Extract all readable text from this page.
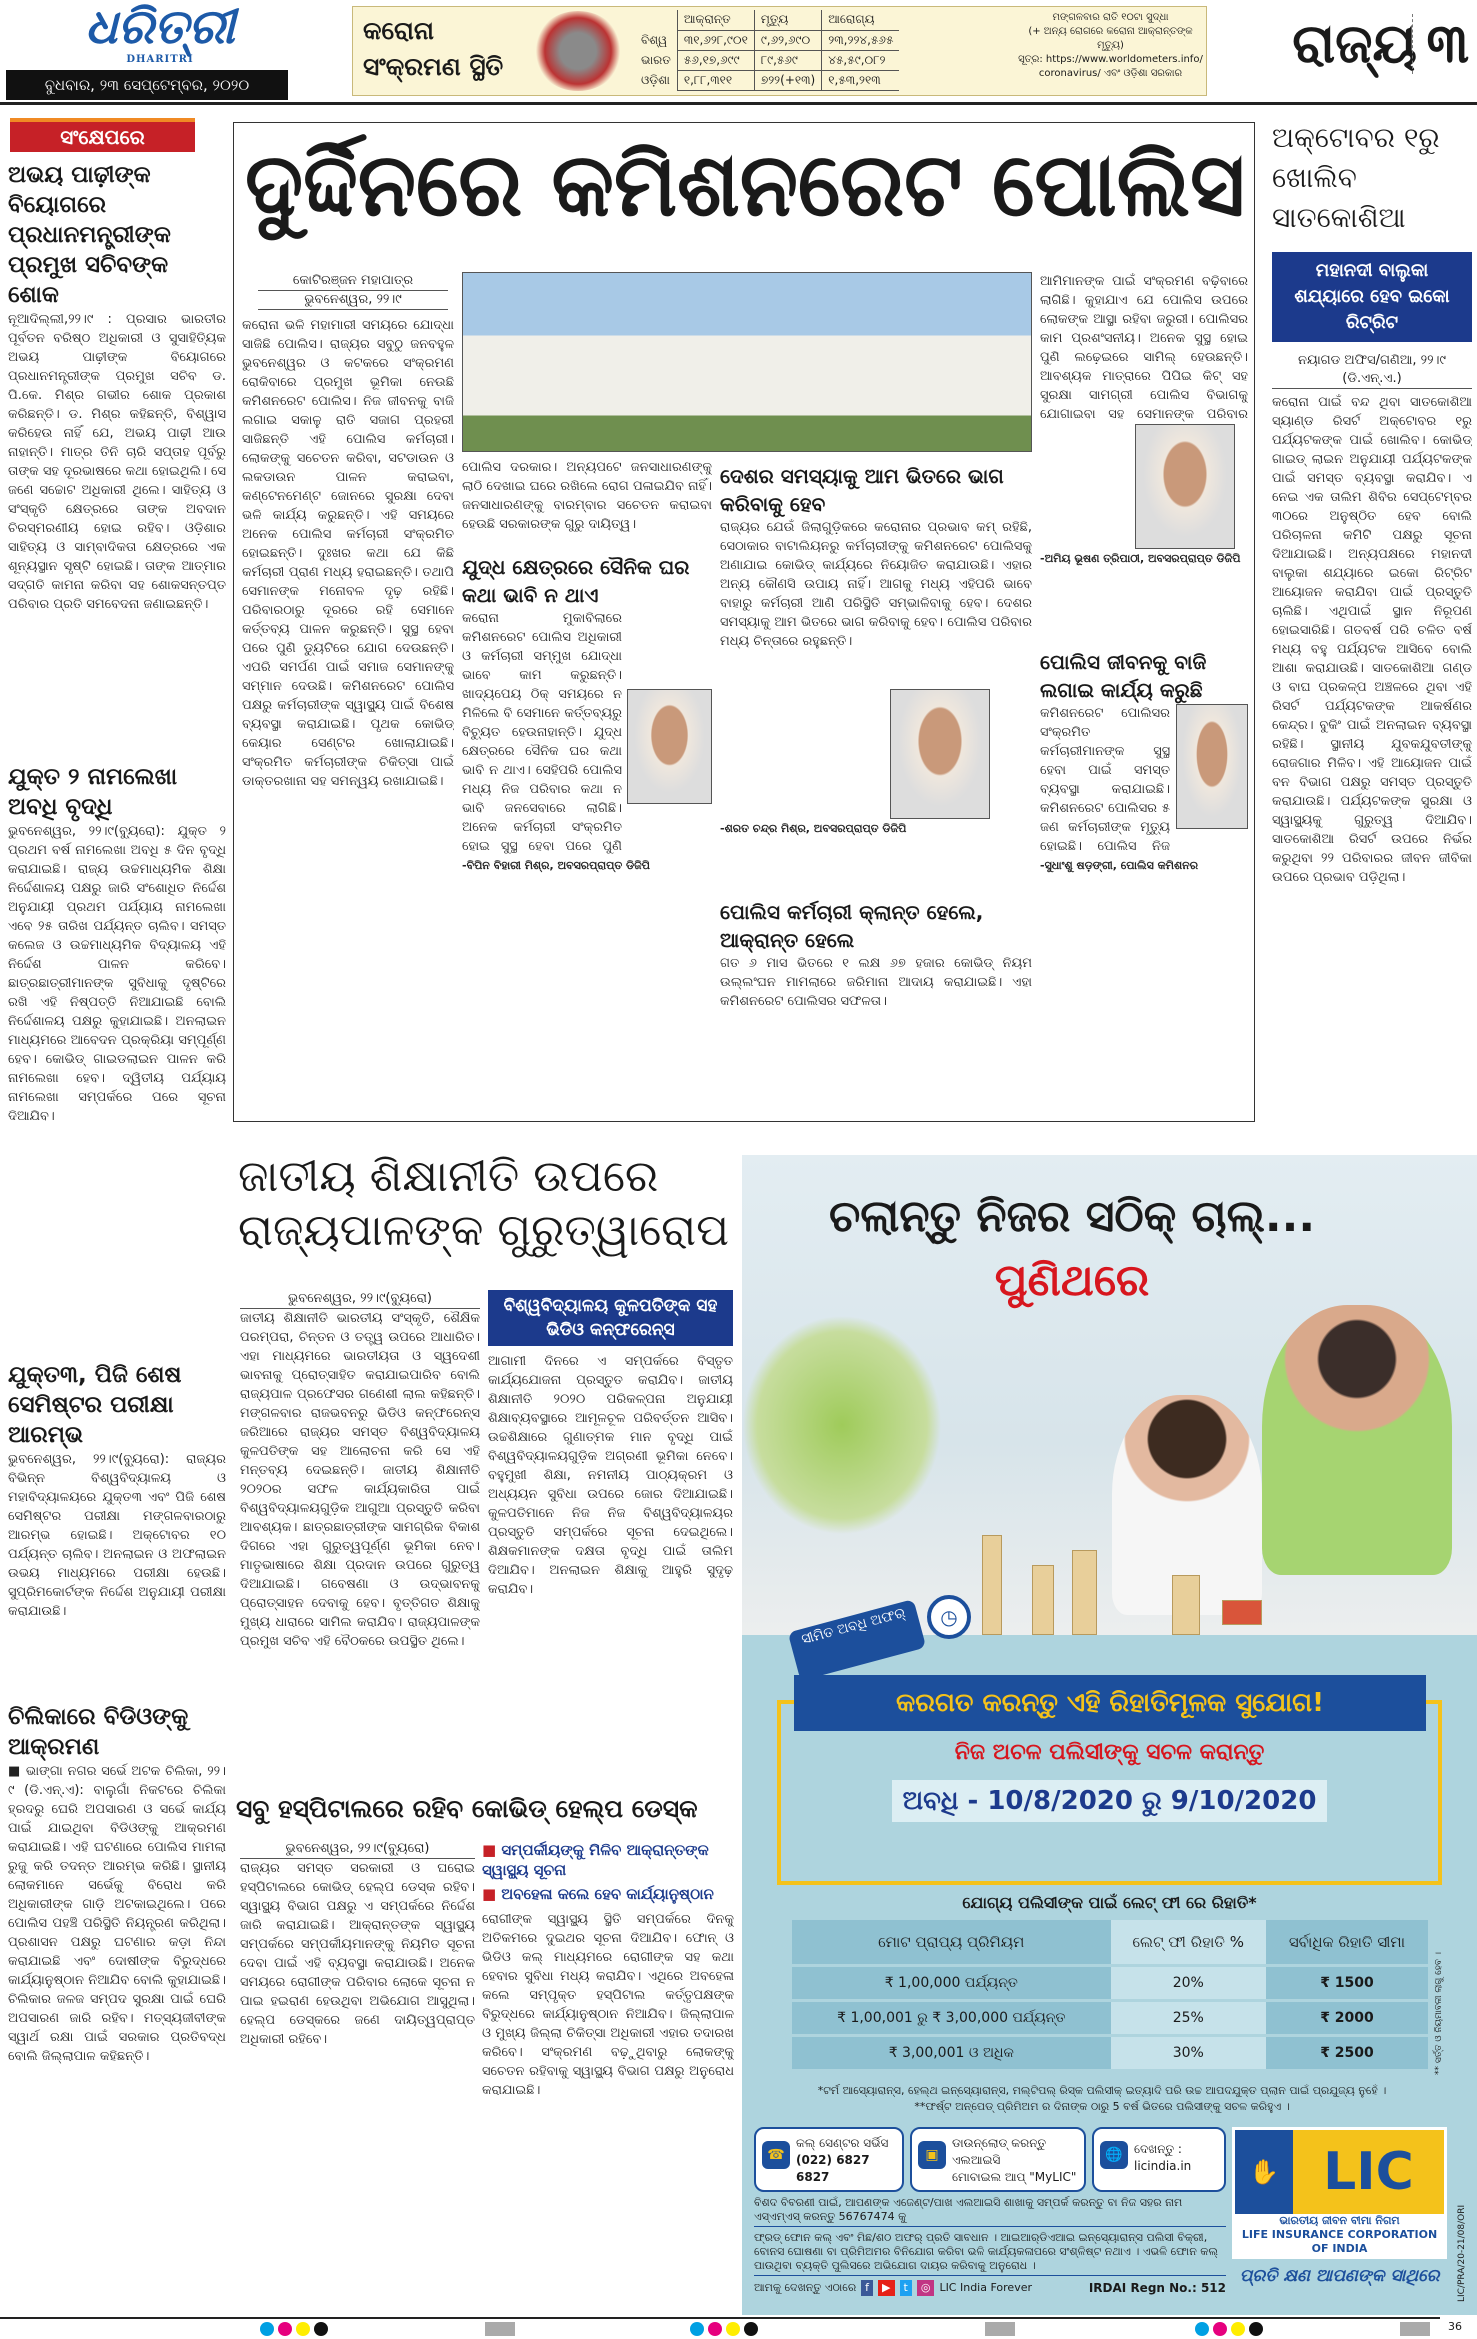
ଧରିତ୍ରୀ
DHARITRI
ବୁଧବାର, ୨୩ ସେପ୍ଟେମ୍ବର, ୨୦୨୦
କରୋନା ସଂକ୍ରମଣ ସ୍ଥିତି
	ଆକ୍ରାନ୍ତ	ମୃତ୍ୟୁ	ଆରୋଗ୍ୟ
ବିଶ୍ୱ	୩୧,୬୨୮,୯୦୧	୯,୬୨,୬୯୦	୨୩,୨୨୪,୫୬୫
ଭାରତ	୫୬,୧୭,୬୯୯	୮୯,୫୬୯	୪୫,୫୯,୦୮୨
ଓଡ଼ିଶା	୧,୮୮,୩୧୧	୭୨୨(+୧୩)	୧,୫୩,୨୧୩
ମଙ୍ଗଳବାର ରାତି ୧୦ଟା ସୁଦ୍ଧା
(+ ଅନ୍ୟ ରୋଗରେ କରୋନା ଆକ୍ରାନ୍ତଙ୍କ ମୃତ୍ୟୁ)
ସୂତ୍ର: https://www.worldometers.info/ coronavirus/ ଏବଂ ଓଡ଼ିଶା ସରକାର	ରାଜ୍ୟ ୩
ସଂକ୍ଷେପରେ
ଅଭୟ ପାଢ଼ୀଙ୍କ ବିୟୋଗରେ ପ୍ରଧାନମନ୍ତ୍ରୀଙ୍କ ପ୍ରମୁଖ ସଚିବଙ୍କ ଶୋକ
ନୂଆଦିଲ୍ଲୀ,୨୨।୯ : ପ୍ରସାର ଭାରତୀର ପୂର୍ବତନ ବରିଷ୍ଠ ଅଧିକାରୀ ଓ ସୁସାହିତ୍ୟିକ ଅଭୟ ପାଢ଼ୀଙ୍କ ବିୟୋଗରେ ପ୍ରଧାନମନ୍ତ୍ରୀଙ୍କ ପ୍ରମୁଖ ସଚିବ ଡ. ପି.କେ. ମିଶ୍ର ଗଭୀର ଶୋକ ପ୍ରକାଶ କରିଛନ୍ତି। ଡ. ମିଶ୍ର କହିଛନ୍ତି, ବିଶ୍ୱାସ କରିହେଉ ନାହିଁ ଯେ, ଅଭୟ ପାଢ଼ୀ ଆଉ ନାହାନ୍ତି। ମାତ୍ର ତିନି ଚାରି ସପ୍ତାହ ପୂର୍ବରୁ ତାଙ୍କ ସହ ଦୂରଭାଷରେ କଥା ହୋଇଥିଲି। ସେ ଜଣେ ସଚ୍ଚୋଟ ଅଧିକାରୀ ଥିଲେ। ସାହିତ୍ୟ ଓ ସଂସ୍କୃତି କ୍ଷେତ୍ରରେ ତାଙ୍କ ଅବଦାନ ଚିରସ୍ମରଣୀୟ ହୋଇ ରହିବ। ଓଡ଼ିଶାର ସାହିତ୍ୟ ଓ ସାମ୍ବାଦିକତା କ୍ଷେତ୍ରରେ ଏକ ଶୂନ୍ୟସ୍ଥାନ ସୃଷ୍ଟି ହୋଇଛି। ତାଙ୍କ ଆତ୍ମାର ସଦ୍‌ଗତି କାମନା କରିବା ସହ ଶୋକସନ୍ତପ୍ତ ପରିବାର ପ୍ରତି ସମବେଦନା ଜଣାଇଛନ୍ତି।
ଯୁକ୍ତ ୨ ନାମଲେଖା ଅବଧି ବୃଦ୍ଧି
ଭୁବନେଶ୍ୱର, ୨୨।୯(ବ୍ୟୁରୋ): ଯୁକ୍ତ ୨ ପ୍ରଥମ ବର୍ଷ ନାମଲେଖା ଅବଧି ୫ ଦିନ ବୃଦ୍ଧି କରାଯାଇଛି। ରାଜ୍ୟ ଉଚ୍ଚମାଧ୍ୟମିକ ଶିକ୍ଷା ନିର୍ଦ୍ଦେଶାଳୟ ପକ୍ଷରୁ ଜାରି ସଂଶୋଧିତ ନିର୍ଦ୍ଦେଶ ଅନୁଯାୟୀ ପ୍ରଥମ ପର୍ଯ୍ୟାୟ ନାମଲେଖା ଏବେ ୨୫ ତାରିଖ ପର୍ଯ୍ୟନ୍ତ ଚାଲିବ। ସମସ୍ତ କଲେଜ ଓ ଉଚ୍ଚମାଧ୍ୟମିକ ବିଦ୍ୟାଳୟ ଏହି ନିର୍ଦ୍ଦେଶ ପାଳନ କରିବେ। ଛାତ୍ରଛାତ୍ରୀମାନଙ୍କ ସୁବିଧାକୁ ଦୃଷ୍ଟିରେ ରଖି ଏହି ନିଷ୍ପତ୍ତି ନିଆଯାଇଛି ବୋଲି ନିର୍ଦ୍ଦେଶାଳୟ ପକ୍ଷରୁ କୁହାଯାଇଛି। ଅନଲାଇନ ମାଧ୍ୟମରେ ଆବେଦନ ପ୍ରକ୍ରିୟା ସମ୍ପୂର୍ଣ୍ଣ ହେବ। କୋଭିଡ୍ ଗାଇଡଲାଇନ ପାଳନ କରି ନାମଲେଖା ହେବ। ଦ୍ୱିତୀୟ ପର୍ଯ୍ୟାୟ ନାମଲେଖା ସମ୍ପର୍କରେ ପରେ ସୂଚନା ଦିଆଯିବ।
ଯୁକ୍ତ୩, ପିଜି ଶେଷ ସେମିଷ୍ଟର ପରୀକ୍ଷା ଆରମ୍ଭ
ଭୁବନେଶ୍ୱର, ୨୨।୯(ବ୍ୟୁରୋ): ରାଜ୍ୟର ବିଭିନ୍ନ ବିଶ୍ୱବିଦ୍ୟାଳୟ ଓ ମହାବିଦ୍ୟାଳୟରେ ଯୁକ୍ତ୩ ଏବଂ ପିଜି ଶେଷ ସେମିଷ୍ଟର ପରୀକ୍ଷା ମଙ୍ଗଳବାରଠାରୁ ଆରମ୍ଭ ହୋଇଛି। ଅକ୍ଟୋବର ୧୦ ପର୍ଯ୍ୟନ୍ତ ଚାଲିବ। ଅନଲାଇନ ଓ ଅଫଲାଇନ ଉଭୟ ମାଧ୍ୟମରେ ପରୀକ୍ଷା ହେଉଛି। ସୁପ୍ରିମକୋର୍ଟଙ୍କ ନିର୍ଦ୍ଦେଶ ଅନୁଯାୟୀ ପରୀକ୍ଷା କରାଯାଉଛି।
ଚିଲିକାରେ ବିଡିଓଙ୍କୁ ଆକ୍ରମଣ
■ ଭାଙ୍ଗା ନଗର ସର୍ଭେ ଅଟକ ଚିଲିକା, ୨୨।୯ (ଡି.ଏନ୍.ଏ): ବାଲୁଗାଁ ନିକଟରେ ଚିଲିକା ହ୍ରଦରୁ ଘେରି ଅପସାରଣ ଓ ସର୍ଭେ କାର୍ଯ୍ୟ ପାଇଁ ଯାଇଥିବା ବିଡିଓଙ୍କୁ ଆକ୍ରମଣ କରାଯାଇଛି। ଏହି ଘଟଣାରେ ପୋଲିସ ମାମଲା ରୁଜୁ କରି ତଦନ୍ତ ଆରମ୍ଭ କରିଛି। ସ୍ଥାନୀୟ ଲୋକମାନେ ସର୍ଭେକୁ ବିରୋଧ କରି ଅଧିକାରୀଙ୍କ ଗାଡ଼ି ଅଟକାଇଥିଲେ। ପରେ ପୋଲିସ ପହଞ୍ଚି ପରିସ୍ଥିତି ନିୟନ୍ତ୍ରଣ କରିଥିଲା। ପ୍ରଶାସନ ପକ୍ଷରୁ ଘଟଣାର କଡ଼ା ନିନ୍ଦା କରାଯାଇଛି ଏବଂ ଦୋଷୀଙ୍କ ବିରୁଦ୍ଧରେ କାର୍ଯ୍ୟାନୁଷ୍ଠାନ ନିଆଯିବ ବୋଲି କୁହାଯାଇଛି। ଚିଲିକାର ଜଳଜ ସମ୍ପଦ ସୁରକ୍ଷା ପାଇଁ ଘେରି ଅପସାରଣ ଜାରି ରହିବ। ମତ୍ସ୍ୟଜୀବୀଙ୍କ ସ୍ୱାର୍ଥ ରକ୍ଷା ପାଇଁ ସରକାର ପ୍ରତିବଦ୍ଧ ବୋଲି ଜିଲ୍ଲାପାଳ କହିଛନ୍ତି।
ଦୁର୍ଦ୍ଦିନରେ କମିଶନରେଟ ପୋଲିସ
କୋଟିରଞ୍ଜନ ମହାପାତ୍ର
ଭୁବନେଶ୍ୱର, ୨୨।୯
କରୋନା ଭଳି ମହାମାରୀ ସମୟରେ ଯୋଦ୍ଧା ସାଜିଛି ପୋଲିସ। ରାଜ୍ୟର ସବୁଠୁ ଜନବହୁଳ ଭୁବନେଶ୍ୱର ଓ କଟକରେ ସଂକ୍ରମଣ ରୋକିବାରେ ପ୍ରମୁଖ ଭୂମିକା ନେଉଛି କମିଶନରେଟ ପୋଲିସ। ନିଜ ଜୀବନକୁ ବାଜି ଲଗାଇ ସକାଳୁ ରାତି ସଜାଗ ପ୍ରହରୀ ସାଜିଛନ୍ତି ଏହି ପୋଲିସ କର୍ମଚାରୀ। ଲୋକଙ୍କୁ ସଚେତନ କରିବା, ସଟଡାଉନ ଓ ଲକଡାଉନ ପାଳନ କରାଇବା, କଣ୍ଟେନମେଣ୍ଟ ଜୋନରେ ସୁରକ୍ଷା ଦେବା ଭଳି କାର୍ଯ୍ୟ କରୁଛନ୍ତି। ଏହି ସମୟରେ ଅନେକ ପୋଲିସ କର୍ମଚାରୀ ସଂକ୍ରମିତ ହୋଇଛନ୍ତି। ଦୁଃଖର କଥା ଯେ କିଛି କର୍ମଚାରୀ ପ୍ରାଣ ମଧ୍ୟ ହରାଇଛନ୍ତି। ତଥାପି ସେମାନଙ୍କ ମନୋବଳ ଦୃଢ଼ ରହିଛି। ପରିବାରଠାରୁ ଦୂରରେ ରହି ସେମାନେ କର୍ତ୍ତବ୍ୟ ପାଳନ କରୁଛନ୍ତି। ସୁସ୍ଥ ହେବା ପରେ ପୁଣି ଡ୍ୟୁଟିରେ ଯୋଗ ଦେଉଛନ୍ତି। ଏପରି ସମର୍ପଣ ପାଇଁ ସମାଜ ସେମାନଙ୍କୁ ସମ୍ମାନ ଦେଉଛି। କମିଶନରେଟ ପୋଲିସ ପକ୍ଷରୁ କର୍ମଚାରୀଙ୍କ ସ୍ୱାସ୍ଥ୍ୟ ପାଇଁ ବିଶେଷ ବ୍ୟବସ୍ଥା କରାଯାଇଛି। ପୃଥକ କୋଭିଡ୍ କେୟାର ସେଣ୍ଟର ଖୋଲାଯାଇଛି। ସଂକ୍ରମିତ କର୍ମଚାରୀଙ୍କ ଚିକିତ୍ସା ପାଇଁ ଡାକ୍ତରଖାନା ସହ ସମନ୍ୱୟ ରଖାଯାଇଛି।
ପୋଲିସ ଦରକାର। ଅନ୍ୟପଟେ ଜନସାଧାରଣଙ୍କୁ ଲାଠି ଦେଖାଇ ଘରେ ରଖିଲେ ରୋଗ ପଳାଇଯିବ ନାହିଁ। ଜନସାଧାରଣଙ୍କୁ ବାରମ୍ବାର ସଚେତନ କରାଇବା ହେଉଛି ସରକାରଙ୍କ ଗୁରୁ ଦାୟିତ୍ୱ।
ଯୁଦ୍ଧ କ୍ଷେତ୍ରରେ ସୈନିକ ଘର କଥା ଭାବି ନ ଥାଏ
କରୋନା ମୁକାବିଲାରେ କମିଶନରେଟ ପୋଲିସ ଅଧିକାରୀ ଓ କର୍ମଚାରୀ ସମ୍ମୁଖ ଯୋଦ୍ଧା ଭାବେ କାମ କରୁଛନ୍ତି। ଖାଦ୍ୟପେୟ ଠିକ୍ ସମୟରେ ନ ମିଳିଲେ ବି ସେମାନେ କର୍ତ୍ତବ୍ୟରୁ ବିଚ୍ୟୁତ ହେଉନାହାନ୍ତି। ଯୁଦ୍ଧ କ୍ଷେତ୍ରରେ ସୈନିକ ଘର କଥା ଭାବି ନ ଥାଏ। ସେହିପରି ପୋଲିସ ମଧ୍ୟ ନିଜ ପରିବାର କଥା ନ ଭାବି ଜନସେବାରେ ଲାଗିଛି। ଅନେକ କର୍ମଚାରୀ ସଂକ୍ରମିତ ହୋଇ ସୁସ୍ଥ ହେବା ପରେ ପୁଣି
-ବିପିନ ବିହାରୀ ମିଶ୍ର, ଅବସରପ୍ରାପ୍ତ ଡିଜିପି
ଦେଶର ସମସ୍ୟାକୁ ଆମ ଭିତରେ ଭାଗ କରିବାକୁ ହେବ
ରାଜ୍ୟର ଯେଉଁ ଜିଲାଗୁଡ଼ିକରେ କରୋନାର ପ୍ରଭାବ କମ୍ ରହିଛି, ସେଠାକାର ବାଟାଲିୟନରୁ କର୍ମଚାରୀଙ୍କୁ କମିଶନରେଟ ପୋଲିସକୁ ଅଣାଯାଇ କୋଭିଡ୍ କାର୍ଯ୍ୟରେ ନିୟୋଜିତ କରାଯାଉଛି। ଏହାର ଅନ୍ୟ କୌଣସି ଉପାୟ ନାହିଁ। ଆଗକୁ ମଧ୍ୟ ଏହିପରି ଭାବେ ବାହାରୁ କର୍ମଚାରୀ ଆଣି ପରିସ୍ଥିତି ସମ୍ଭାଳିବାକୁ ହେବ। ଦେଶର ସମସ୍ୟାକୁ ଆମ ଭିତରେ ଭାଗ କରିବାକୁ ହେବ। ପୋଲିସ ପରିବାର ମଧ୍ୟ ଚିନ୍ତାରେ ରହୁଛନ୍ତି।
-ଶରତ ଚନ୍ଦ୍ର ମିଶ୍ର, ଅବସରପ୍ରାପ୍ତ ଡିଜିପି
ପୋଲିସ କର୍ମଚାରୀ କ୍ଲାନ୍ତ ହେଲେ, ଆକ୍ରାନ୍ତ ହେଲେ
ଗତ ୬ ମାସ ଭିତରେ ୧ ଲକ୍ଷ ୬୭ ହଜାର କୋଭିଡ୍ ନିୟମ ଉଲ୍ଲଂଘନ ମାମଲାରେ ଜରିମାନା ଆଦାୟ କରାଯାଇଛି। ଏହା କମିଶନରେଟ ପୋଲିସର ସଫଳତା।
ଆମିମାନଙ୍କ ପାଇଁ ସଂକ୍ରମଣ ବଢ଼ିବାରେ ଲାଗିଛି। କୁହାଯାଏ ଯେ ପୋଲିସ ଉପରେ ଲୋକଙ୍କ ଆସ୍ଥା ରହିବା ଜରୁରୀ। ପୋଲିସର କାମ ପ୍ରଶଂସନୀୟ। ଅନେକ ସୁସ୍ଥ ହୋଇ ପୁଣି ଲଢ଼େଇରେ ସାମିଲ୍ ହେଉଛନ୍ତି। ଆବଶ୍ୟକ ମାତ୍ରାରେ ପିପିଇ କିଟ୍ ସହ ସୁରକ୍ଷା ସାମଗ୍ରୀ ପୋଲିସ ବିଭାଗକୁ ଯୋଗାଇବା ସହ ସେମାନଙ୍କ ପରିବାର
-ଅମିୟ ଭୂଷଣ ତ୍ରିପାଠୀ, ଅବସରପ୍ରାପ୍ତ ଡିଜିପି
ପୋଲିସ ଜୀବନକୁ ବାଜି ଲଗାଇ କାର୍ଯ୍ୟ କରୁଛି
କମିଶନରେଟ ପୋଲିସର ସଂକ୍ରମିତ କର୍ମଚାରୀମାନଙ୍କ ସୁସ୍ଥ ହେବା ପାଇଁ ସମସ୍ତ ବ୍ୟବସ୍ଥା କରାଯାଇଛି। କମିଶନରେଟ ପୋଲିସର ୫ ଜଣ କର୍ମଚାରୀଙ୍କ ମୃତ୍ୟୁ ହୋଇଛି। ପୋଲିସ ନିଜ
-ସୁଧାଂଶୁ ଷଡ଼ଙ୍ଗୀ, ପୋଲିସ କମିଶନର
ଅକ୍ଟୋବର ୧ରୁ ଖୋଲିବ ସାତକୋଶିଆ
ମହାନଦୀ ବାଲୁକା ଶଯ୍ୟାରେ ହେବ ଇକୋ ରିଟ୍ରିଟ
ନୟାଗଡ ଅଫିସ/ଗଣିଆ, ୨୨।୯ (ଡି.ଏନ୍.ଏ.)
କରୋନା ପାଇଁ ବନ୍ଦ ଥିବା ସାତକୋଶିଆ ସ୍ୟାଣ୍ଡ ରିସର୍ଟ ଅକ୍ଟୋବର ୧ରୁ ପର୍ଯ୍ୟଟକଙ୍କ ପାଇଁ ଖୋଲିବ। କୋଭିଡ୍ ଗାଇଡ୍ ଲାଇନ ଅନୁଯାୟୀ ପର୍ଯ୍ୟଟକଙ୍କ ପାଇଁ ସମସ୍ତ ବ୍ୟବସ୍ଥା କରାଯିବ। ଏ ନେଇ ଏକ ତାଲିମ ଶିବିର ସେପ୍ଟେମ୍ବର ୩୦ରେ ଅନୁଷ୍ଠିତ ହେବ ବୋଲି ପରିଚାଳନା କମିଟି ପକ୍ଷରୁ ସୂଚନା ଦିଆଯାଇଛି। ଅନ୍ୟପକ୍ଷରେ ମହାନଦୀ ବାଲୁକା ଶଯ୍ୟାରେ ଇକୋ ରିଟ୍ରିଟ ଆୟୋଜନ କରାଯିବା ପାଇଁ ପ୍ରସ୍ତୁତି ଚାଲିଛି। ଏଥିପାଇଁ ସ୍ଥାନ ନିରୂପଣ ହୋଇସାରିଛି। ଗତବର୍ଷ ପରି ଚଳିତ ବର୍ଷ ମଧ୍ୟ ବହୁ ପର୍ଯ୍ୟଟକ ଆସିବେ ବୋଲି ଆଶା କରାଯାଉଛି। ସାତକୋଶିଆ ଗଣ୍ଡ ଓ ବାଘ ପ୍ରକଳ୍ପ ଅଞ୍ଚଳରେ ଥିବା ଏହି ରିସର୍ଟ ପର୍ଯ୍ୟଟକଙ୍କ ଆକର୍ଷଣର କେନ୍ଦ୍ର। ବୁକିଂ ପାଇଁ ଅନଲାଇନ ବ୍ୟବସ୍ଥା ରହିଛି। ସ୍ଥାନୀୟ ଯୁବକଯୁବତୀଙ୍କୁ ରୋଜଗାର ମିଳିବ। ଏହି ଆୟୋଜନ ପାଇଁ ବନ ବିଭାଗ ପକ୍ଷରୁ ସମସ୍ତ ପ୍ରସ୍ତୁତି କରାଯାଉଛି। ପର୍ଯ୍ୟଟକଙ୍କ ସୁରକ୍ଷା ଓ ସ୍ୱାସ୍ଥ୍ୟକୁ ଗୁରୁତ୍ୱ ଦିଆଯିବ। ସାତକୋଶିଆ ରିସର୍ଟ ଉପରେ ନିର୍ଭର କରୁଥିବା ୨୨ ପରିବାରର ଜୀବନ ଜୀବିକା ଉପରେ ପ୍ରଭାବ ପଡ଼ିଥିଲା।
ଜାତୀୟ ଶିକ୍ଷାନୀତି ଉପରେ ରାଜ୍ୟପାଳଙ୍କ ଗୁରୁତ୍ୱାରୋପ
ଭୁବନେଶ୍ୱର, ୨୨।୯(ବ୍ୟୁରୋ)
ଜାତୀୟ ଶିକ୍ଷାନୀତି ଭାରତୀୟ ସଂସ୍କୃତି, ଶୈକ୍ଷିକ ପରମ୍ପରା, ଚିନ୍ତନ ଓ ତତ୍ତ୍ୱ ଉପରେ ଆଧାରିତ। ଏହା ମାଧ୍ୟମରେ ଭାରତୀୟତା ଓ ସ୍ୱଦେଶୀ ଭାବନାକୁ ପ୍ରୋତ୍ସାହିତ କରାଯାଇପାରିବ ବୋଲି ରାଜ୍ୟପାଳ ପ୍ରଫେସର ଗଣେଶୀ ଲାଲ କହିଛନ୍ତି। ମଙ୍ଗଳବାର ରାଜଭବନରୁ ଭିଡିଓ କନ୍‌ଫରେନ୍ସ ଜରିଆରେ ରାଜ୍ୟର ସମସ୍ତ ବିଶ୍ୱବିଦ୍ୟାଳୟ କୁଳପତିଙ୍କ ସହ ଆଲୋଚନା କରି ସେ ଏହି ମନ୍ତବ୍ୟ ଦେଇଛନ୍ତି। ଜାତୀୟ ଶିକ୍ଷାନୀତି ୨୦୨୦ର ସଫଳ କାର୍ଯ୍ୟକାରିତା ପାଇଁ ବିଶ୍ୱବିଦ୍ୟାଳୟଗୁଡ଼ିକ ଆଗୁଆ ପ୍ରସ୍ତୁତି କରିବା ଆବଶ୍ୟକ। ଛାତ୍ରଛାତ୍ରୀଙ୍କ ସାମଗ୍ରିକ ବିକାଶ ଦିଗରେ ଏହା ଗୁରୁତ୍ୱପୂର୍ଣ୍ଣ ଭୂମିକା ନେବ। ମାତୃଭାଷାରେ ଶିକ୍ଷା ପ୍ରଦାନ ଉପରେ ଗୁରୁତ୍ୱ ଦିଆଯାଇଛି। ଗବେଷଣା ଓ ଉଦ୍ଭାବନକୁ ପ୍ରୋତ୍ସାହନ ଦେବାକୁ ହେବ। ବୃତ୍ତିଗତ ଶିକ୍ଷାକୁ ମୁଖ୍ୟ ଧାରାରେ ସାମିଲ କରାଯିବ। ରାଜ୍ୟପାଳଙ୍କ ପ୍ରମୁଖ ସଚିବ ଏହି ବୈଠକରେ ଉପସ୍ଥିତ ଥିଲେ।
ବିଶ୍ୱବିଦ୍ୟାଳୟ କୁଳପତିଙ୍କ ସହ ଭିଡିଓ କନ୍‌ଫରେନ୍ସ
ଆଗାମୀ ଦିନରେ ଏ ସମ୍ପର୍କରେ ବିସ୍ତୃତ କାର୍ଯ୍ୟଯୋଜନା ପ୍ରସ୍ତୁତ କରାଯିବ। ଜାତୀୟ ଶିକ୍ଷାନୀତି ୨୦୨୦ ପରିକଳ୍ପନା ଅନୁଯାୟୀ ଶିକ୍ଷାବ୍ୟବସ୍ଥାରେ ଆମୂଳଚୂଳ ପରିବର୍ତ୍ତନ ଆସିବ। ଉଚ୍ଚଶିକ୍ଷାରେ ଗୁଣାତ୍ମକ ମାନ ବୃଦ୍ଧି ପାଇଁ ବିଶ୍ୱବିଦ୍ୟାଳୟଗୁଡ଼ିକ ଅଗ୍ରଣୀ ଭୂମିକା ନେବେ। ବହୁମୁଖୀ ଶିକ୍ଷା, ନମନୀୟ ପାଠ୍ୟକ୍ରମ ଓ ଅଧ୍ୟୟନ ସୁବିଧା ଉପରେ ଜୋର ଦିଆଯାଇଛି। କୁଳପତିମାନେ ନିଜ ନିଜ ବିଶ୍ୱବିଦ୍ୟାଳୟର ପ୍ରସ୍ତୁତି ସମ୍ପର୍କରେ ସୂଚନା ଦେଇଥିଲେ। ଶିକ୍ଷକମାନଙ୍କ ଦକ୍ଷତା ବୃଦ୍ଧି ପାଇଁ ତାଲିମ ଦିଆଯିବ। ଅନଲାଇନ ଶିକ୍ଷାକୁ ଆହୁରି ସୁଦୃଢ଼ କରାଯିବ।
ସବୁ ହସ୍ପିଟାଲରେ ରହିବ କୋଭିଡ୍ ହେଲ୍ପ ଡେସ୍କ
ଭୁବନେଶ୍ୱର, ୨୨।୯(ବ୍ୟୁରୋ)
ରାଜ୍ୟର ସମସ୍ତ ସରକାରୀ ଓ ଘରୋଇ ହସ୍ପିଟାଲରେ କୋଭିଡ୍ ହେଲ୍ପ ଡେସ୍କ ରହିବ। ସ୍ୱାସ୍ଥ୍ୟ ବିଭାଗ ପକ୍ଷରୁ ଏ ସମ୍ପର୍କରେ ନିର୍ଦ୍ଦେଶ ଜାରି କରାଯାଇଛି। ଆକ୍ରାନ୍ତଙ୍କ ସ୍ୱାସ୍ଥ୍ୟ ସମ୍ପର୍କରେ ସମ୍ପର୍କୀୟମାନଙ୍କୁ ନିୟମିତ ସୂଚନା ଦେବା ପାଇଁ ଏହି ବ୍ୟବସ୍ଥା କରାଯାଉଛି। ଅନେକ ସମୟରେ ରୋଗୀଙ୍କ ପରିବାର ଲୋକେ ସୂଚନା ନ ପାଇ ହଇରାଣ ହେଉଥିବା ଅଭିଯୋଗ ଆସୁଥିଲା। ହେଲ୍ପ ଡେସ୍କରେ ଜଣେ ଦାୟିତ୍ୱପ୍ରାପ୍ତ ଅଧିକାରୀ ରହିବେ।
■ ସମ୍ପର୍କୀୟଙ୍କୁ ମିଳିବ ଆକ୍ରାନ୍ତଙ୍କ ସ୍ୱାସ୍ଥ୍ୟ ସୂଚନା
■ ଅବହେଳା କଲେ ହେବ କାର୍ଯ୍ୟାନୁଷ୍ଠାନ
ରୋଗୀଙ୍କ ସ୍ୱାସ୍ଥ୍ୟ ସ୍ଥିତି ସମ୍ପର୍କରେ ଦିନକୁ ଅତିକମରେ ଦୁଇଥର ସୂଚନା ଦିଆଯିବ। ଫୋନ୍ ଓ ଭିଡିଓ କଲ୍ ମାଧ୍ୟମରେ ରୋଗୀଙ୍କ ସହ କଥା ହେବାର ସୁବିଧା ମଧ୍ୟ କରାଯିବ। ଏଥିରେ ଅବହେଳା କଲେ ସମ୍ପୃକ୍ତ ହସ୍ପିଟାଲ କର୍ତ୍ତୃପକ୍ଷଙ୍କ ବିରୁଦ୍ଧରେ କାର୍ଯ୍ୟାନୁଷ୍ଠାନ ନିଆଯିବ। ଜିଲ୍ଲାପାଳ ଓ ମୁଖ୍ୟ ଜିଲ୍ଲା ଚିକିତ୍ସା ଅଧିକାରୀ ଏହାର ତଦାରଖ କରିବେ। ସଂକ୍ରମଣ ବଢ଼ୁଥିବାରୁ ଲୋକଙ୍କୁ ସଚେତନ ରହିବାକୁ ସ୍ୱାସ୍ଥ୍ୟ ବିଭାଗ ପକ୍ଷରୁ ଅନୁରୋଧ କରାଯାଇଛି।
ଚଲାନ୍ତୁ ନିଜର ସଠିକ୍ ଚାଲ୍... ପୁଣିଥରେ
ସୀମିତ ଅବଧି ଅଫର୍	◷
କରଗତ କରନ୍ତୁ ଏହି ରିହାତିମୂଳକ ସୁଯୋଗ!
ନିଜ ଅଚଳ ପଲିସୀଙ୍କୁ ସଚଳ କରାନ୍ତୁ
ଅବଧି - 10/8/2020 ରୁ 9/10/2020
ଯୋଗ୍ୟ ପଲିସୀଙ୍କ ପାଇଁ ଲେଟ୍ ଫୀ ରେ ରିହାତି*
ମୋଟ ପ୍ରାପ୍ୟ ପ୍ରିମିୟମ	ଲେଟ୍ ଫୀ ରିହାତି %	ସର୍ବାଧିକ ରିହାତି ସୀମା
₹ 1,00,000 ପର୍ଯ୍ୟନ୍ତ	20%	₹ 1500
₹ 1,00,001 ରୁ ₹ 3,00,000 ପର୍ଯ୍ୟନ୍ତ	25%	₹ 2000
₹ 3,00,001 ଓ ଅଧିକ	30%	₹ 2500	** ସର୍ତ୍ତ ଓ ନିୟମାବଳୀ ଲାଗୁ ହେବ ।
*ଟର୍ମ ଆସ୍ୟୋରାନ୍ସ, ହେଲ୍‌ଥ ଇନ୍‌ସ୍ୟୋରାନ୍ସ, ମଲ୍‌ଟିପଲ୍ ରିସ୍କ ପଲିସୀକ୍ ଇତ୍ୟାଦି ପରି ଉଚ୍ଚ ଆପଦଯୁକ୍ତ ପ୍ଲାନ ପାଇଁ ପ୍ରଯୁଜ୍ୟ ନୁହେଁ ।
**ଫର୍ଷ୍ଟ ଅନ୍‌ପେଡ୍ ପ୍ରିମିଅମ ର ଦିନାଙ୍କ ଠାରୁ 5 ବର୍ଷ ଭିତରେ ପଲିସୀଙ୍କୁ ସଚଳ କରିହୁଏ ।
☎
କଲ୍ ସେଣ୍ଟର ସର୍ଭିସ
(022) 6827 6827
▣
ଡାଉନ୍‌ଲୋଡ୍ କରନ୍ତୁ ଏଲଆଇସି
ମୋବାଇଲ ଆପ୍ "MyLIC"
🌐 ଦେଖନ୍ତୁ : licindia.in
ବିଶଦ ବିବରଣୀ ପାଇଁ, ଆପଣଙ୍କ ଏଜେଣ୍ଟ/ପାଖ ଏଲଆଇସି ଶାଖାକୁ ସମ୍ପର୍କ କରନ୍ତୁ ବା ନିଜ ସହର ନାମ ଏସ୍‌ଏମ୍‌ଏସ୍ କରନ୍ତୁ 56767474 କୁ
ଫ୍ରଡ୍ ଫୋନ କଲ୍ ଏବଂ ମିଛ/ଶଠ ଅଫର୍ ପ୍ରତି ସାବଧାନ । ଆଇଆର୍‌ଡିଏଆଇ ଇନ୍‌ସ୍ୟୋରାନ୍ସ ପଲିସୀ ବିକ୍ରୀ, ବୋନସ ଘୋଷଣା ବା ପ୍ରିମିଅମର ବିନିଯୋଗ କରିବା ଭଳି କାର୍ଯ୍ୟକଳାପରେ ସଂଶ୍ଳିଷ୍ଟ ନଥାଏ । ଏଭଳି ଫୋନ କଲ୍ ପାଉଥିବା ବ୍ୟକ୍ତି ପୁଲିସରେ ଅଭିଯୋଗ ଦାୟର କରିବାକୁ ଅନୁରୋଧ ।
ଆମକୁ ଦେଖନ୍ତୁ ଏଠାରେ f	▶	t	◎ LIC India Forever	IRDAI Regn No.: 512
✋ LIC
ଭାରତୀୟ ଜୀବନ ବୀମା ନିଗମ
LIFE INSURANCE CORPORATION OF INDIA
ପ୍ରତି କ୍ଷଣ ଆପଣଙ୍କ ସାଥିରେ	LIC/PRA/20-21/08/ORI
36
